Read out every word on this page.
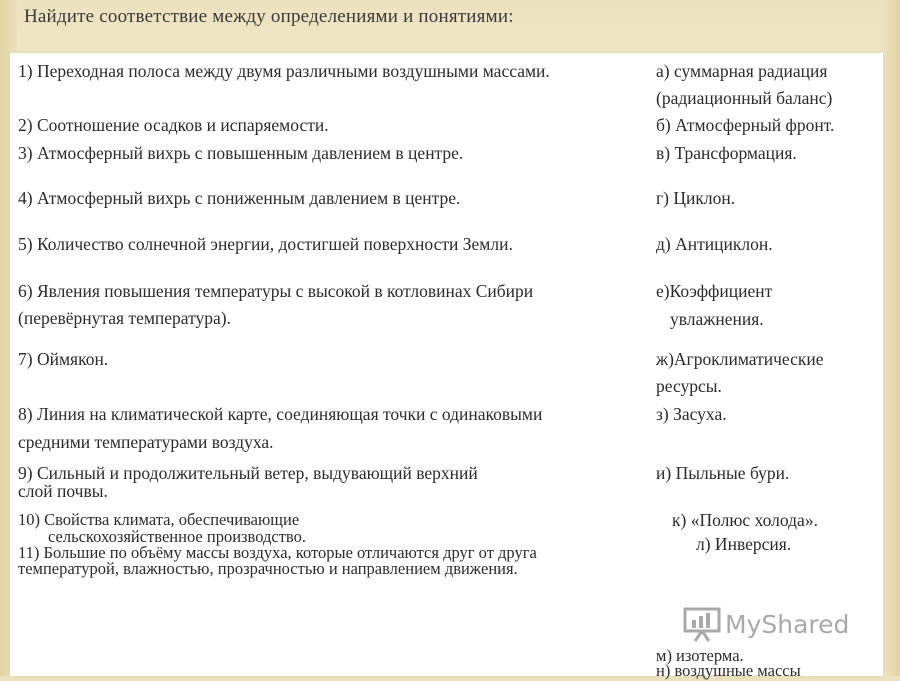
Найдите соответствие между определениями и понятиями:
1) Переходная полоса между двумя различными воздушными массами.
2) Соотношение осадков и испаряемости.
3) Атмосферный вихрь с повышенным давлением в центре.
4) Атмосферный вихрь с пониженным давлением в центре.
5) Количество солнечной энергии, достигшей поверхности Земли.
6) Явления повышения температуры с высокой в котловинах Сибири
(перевёрнутая температура).
7) Оймякон.
8) Линия на климатической карте, соединяющая точки с одинаковыми
средними температурами воздуха.
9) Сильный и продолжительный ветер, выдувающий верхний
слой почвы.
10) Свойства климата, обеспечивающие
сельскохозяйственное производство.
11) Большие по объёму массы воздуха, которые отличаются друг от друга
температурой, влажностью, прозрачностью и направлением движения.
а) суммарная радиация
(радиационный баланс)
б) Атмосферный фронт.
в) Трансформация.
г) Циклон.
д) Антициклон.
е)Коэффициент
увлажнения.
ж)Агроклиматические
ресурсы.
з) Засуха.
и) Пыльные бури.
к) «Полюс холода».
л) Инверсия.
м) изотерма.
н) воздушные массы
MyShared
